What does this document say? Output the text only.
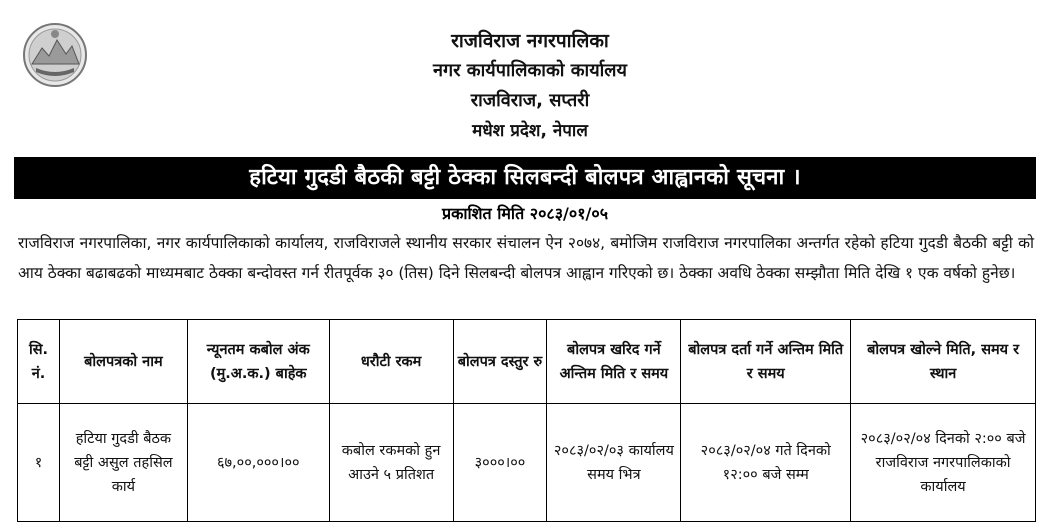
राजविराज नगरपालिका
नगर कार्यपालिकाको कार्यालय
राजविराज, सप्तरी
मधेश प्रदेश, नेपाल
हटिया गुदडी बैठकी बट्टी ठेक्का सिलबन्दी बोलपत्र आह्वानको सूचना ।
प्रकाशित मिति २०८३/०१/०५
राजविराज नगरपालिका, नगर कार्यपालिकाको कार्यालय, राजविराजले स्थानीय सरकार संचालन ऐन २०७४, बमोजिम राजविराज नगरपालिका अन्तर्गत रहेको हटिया गुदडी बैठकी बट्टी को आय ठेक्का बढाबढको माध्यमबाट ठेक्का बन्दोवस्त गर्न रीतपूर्वक ३० (तिस) दिने सिलबन्दी बोलपत्र आह्वान गरिएको छ। ठेक्का अवधि ठेक्का सम्झौता मिति देखि १ एक वर्षको हुनेछ।
सि. नं.	बोलपत्रको नाम	न्यूनतम कबोल अंक (मु.अ.क.) बाहेक	धरौटी रकम	बोलपत्र दस्तुर रु	बोलपत्र खरिद गर्ने अन्तिम मिति र समय	बोलपत्र दर्ता गर्ने अन्तिम मिति र समय	बोलपत्र खोल्ने मिति, समय र स्थान
१	हटिया गुदडी बैठक बट्टी असुल तहसिल कार्य	६७,००,०००।००	कबोल रकमको हुन आउने ५ प्रतिशत	३०००।००	२०८३/०२/०३ कार्यालय समय भित्र	२०८३/०२/०४ गते दिनको १२:०० बजे सम्म	२०८३/०२/०४ दिनको २:०० बजे राजविराज नगरपालिकाको कार्यालय
